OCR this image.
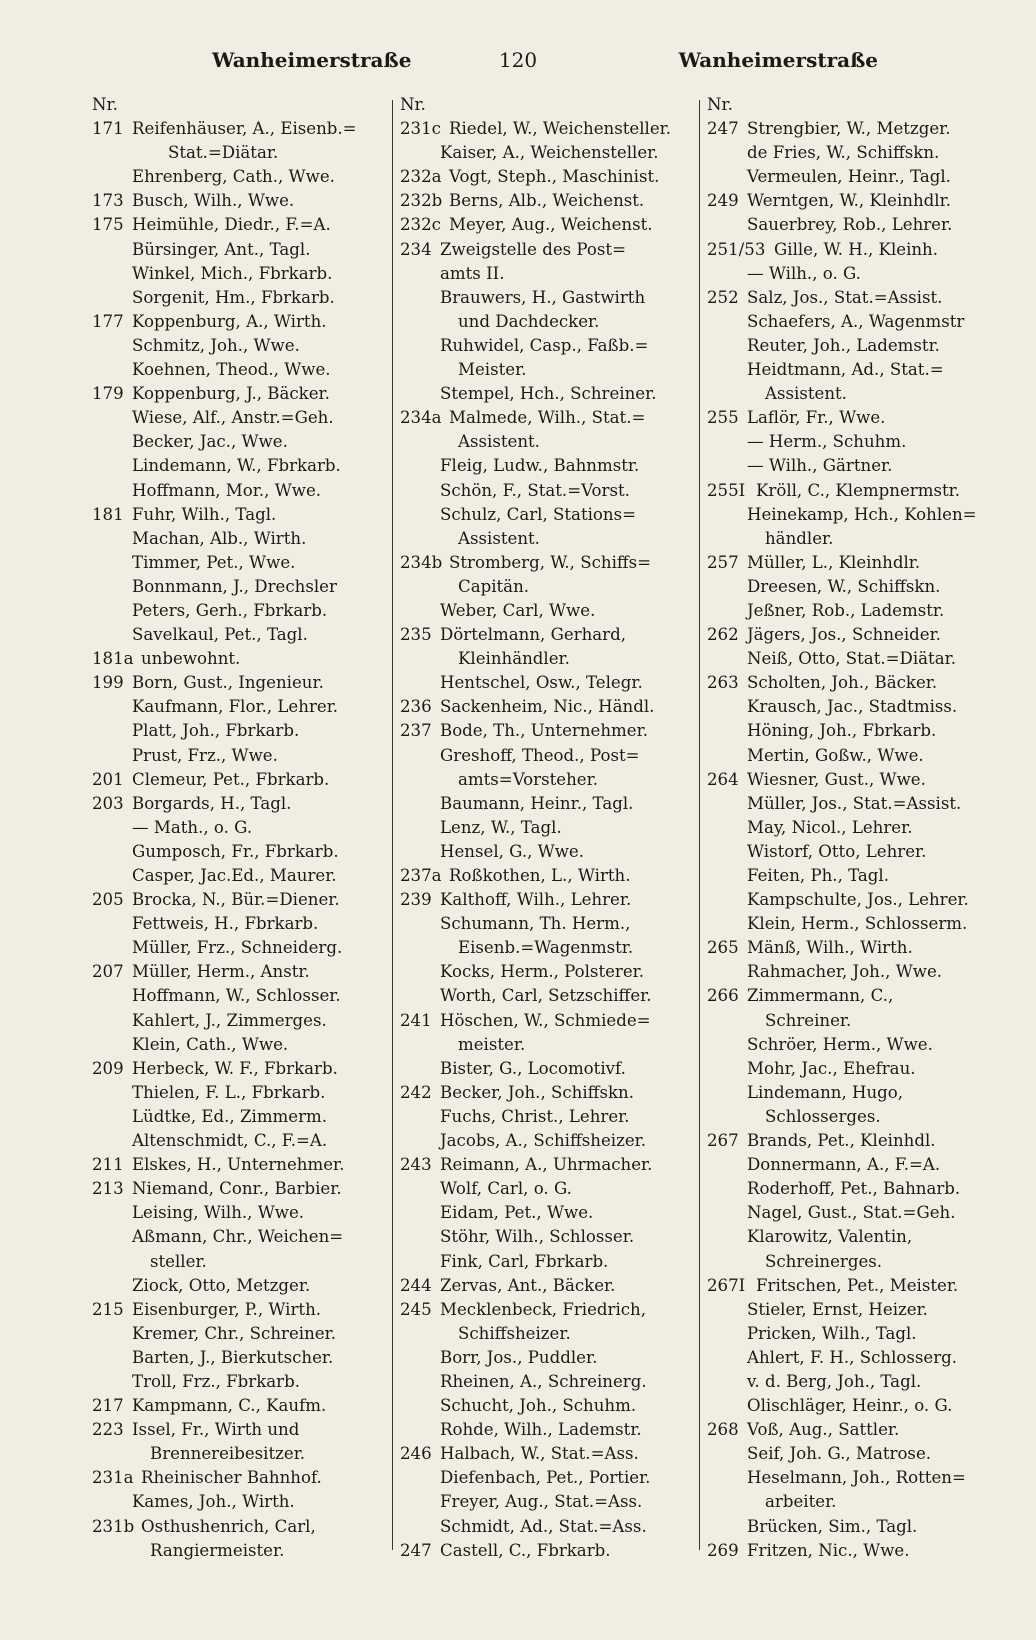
Wanheimerstraße	120	Wanheimerstraße
Nr.
171 Reifenhäuser, A., Eisenb.=
Stat.=Diätar.
Ehrenberg, Cath., Wwe.
173 Busch, Wilh., Wwe.
175 Heimühle, Diedr., F.=A.
Bürsinger, Ant., Tagl.
Winkel, Mich., Fbrkarb.
Sorgenit, Hm., Fbrkarb.
177 Koppenburg, A., Wirth.
Schmitz, Joh., Wwe.
Koehnen, Theod., Wwe.
179 Koppenburg, J., Bäcker.
Wiese, Alf., Anstr.=Geh.
Becker, Jac., Wwe.
Lindemann, W., Fbrkarb.
Hoffmann, Mor., Wwe.
181 Fuhr, Wilh., Tagl.
Machan, Alb., Wirth.
Timmer, Pet., Wwe.
Bonnmann, J., Drechsler
Peters, Gerh., Fbrkarb.
Savelkaul, Pet., Tagl.
181a unbewohnt.
199 Born, Gust., Ingenieur.
Kaufmann, Flor., Lehrer.
Platt, Joh., Fbrkarb.
Prust, Frz., Wwe.
201 Clemeur, Pet., Fbrkarb.
203 Borgards, H., Tagl.
— Math., o. G.
Gumposch, Fr., Fbrkarb.
Casper, Jac.Ed., Maurer.
205 Brocka, N., Bür.=Diener.
Fettweis, H., Fbrkarb.
Müller, Frz., Schneiderg.
207 Müller, Herm., Anstr.
Hoffmann, W., Schlosser.
Kahlert, J., Zimmerges.
Klein, Cath., Wwe.
209 Herbeck, W. F., Fbrkarb.
Thielen, F. L., Fbrkarb.
Lüdtke, Ed., Zimmerm.
Altenschmidt, C., F.=A.
211 Elskes, H., Unternehmer.
213 Niemand, Conr., Barbier.
Leising, Wilh., Wwe.
Aßmann, Chr., Weichen=
steller.
Ziock, Otto, Metzger.
215 Eisenburger, P., Wirth.
Kremer, Chr., Schreiner.
Barten, J., Bierkutscher.
Troll, Frz., Fbrkarb.
217 Kampmann, C., Kaufm.
223 Issel, Fr., Wirth und
Brennereibesitzer.
231a Rheinischer Bahnhof.
Kames, Joh., Wirth.
231b Osthushenrich, Carl,
Rangiermeister.
Nr.
231c Riedel, W., Weichensteller.
Kaiser, A., Weichensteller.
232a Vogt, Steph., Maschinist.
232b Berns, Alb., Weichenst.
232c Meyer, Aug., Weichenst.
234 Zweigstelle des Post=
amts II.
Brauwers, H., Gastwirth
und Dachdecker.
Ruhwidel, Casp., Faßb.=
Meister.
Stempel, Hch., Schreiner.
234a Malmede, Wilh., Stat.=
Assistent.
Fleig, Ludw., Bahnmstr.
Schön, F., Stat.=Vorst.
Schulz, Carl, Stations=
Assistent.
234b Stromberg, W., Schiffs=
Capitän.
Weber, Carl, Wwe.
235 Dörtelmann, Gerhard,
Kleinhändler.
Hentschel, Osw., Telegr.
236 Sackenheim, Nic., Händl.
237 Bode, Th., Unternehmer.
Greshoff, Theod., Post=
amts=Vorsteher.
Baumann, Heinr., Tagl.
Lenz, W., Tagl.
Hensel, G., Wwe.
237a Roßkothen, L., Wirth.
239 Kalthoff, Wilh., Lehrer.
Schumann, Th. Herm.,
Eisenb.=Wagenmstr.
Kocks, Herm., Polsterer.
Worth, Carl, Setzschiffer.
241 Höschen, W., Schmiede=
meister.
Bister, G., Locomotivf.
242 Becker, Joh., Schiffskn.
Fuchs, Christ., Lehrer.
Jacobs, A., Schiffsheizer.
243 Reimann, A., Uhrmacher.
Wolf, Carl, o. G.
Eidam, Pet., Wwe.
Stöhr, Wilh., Schlosser.
Fink, Carl, Fbrkarb.
244 Zervas, Ant., Bäcker.
245 Mecklenbeck, Friedrich,
Schiffsheizer.
Borr, Jos., Puddler.
Rheinen, A., Schreinerg.
Schucht, Joh., Schuhm.
Rohde, Wilh., Lademstr.
246 Halbach, W., Stat.=Ass.
Diefenbach, Pet., Portier.
Freyer, Aug., Stat.=Ass.
Schmidt, Ad., Stat.=Ass.
247 Castell, C., Fbrkarb.
Nr.
247 Strengbier, W., Metzger.
de Fries, W., Schiffskn.
Vermeulen, Heinr., Tagl.
249 Werntgen, W., Kleinhdlr.
Sauerbrey, Rob., Lehrer.
251/53 Gille, W. H., Kleinh.
— Wilh., o. G.
252 Salz, Jos., Stat.=Assist.
Schaefers, A., Wagenmstr
Reuter, Joh., Lademstr.
Heidtmann, Ad., Stat.=
Assistent.
255 Laflör, Fr., Wwe.
— Herm., Schuhm.
— Wilh., Gärtner.
255I Kröll, C., Klempnermstr.
Heinekamp, Hch., Kohlen=
händler.
257 Müller, L., Kleinhdlr.
Dreesen, W., Schiffskn.
Jeßner, Rob., Lademstr.
262 Jägers, Jos., Schneider.
Neiß, Otto, Stat.=Diätar.
263 Scholten, Joh., Bäcker.
Krausch, Jac., Stadtmiss.
Höning, Joh., Fbrkarb.
Mertin, Goßw., Wwe.
264 Wiesner, Gust., Wwe.
Müller, Jos., Stat.=Assist.
May, Nicol., Lehrer.
Wistorf, Otto, Lehrer.
Feiten, Ph., Tagl.
Kampschulte, Jos., Lehrer.
Klein, Herm., Schlosserm.
265 Mänß, Wilh., Wirth.
Rahmacher, Joh., Wwe.
266 Zimmermann, C.,
Schreiner.
Schröer, Herm., Wwe.
Mohr, Jac., Ehefrau.
Lindemann, Hugo,
Schlosserges.
267 Brands, Pet., Kleinhdl.
Donnermann, A., F.=A.
Roderhoff, Pet., Bahnarb.
Nagel, Gust., Stat.=Geh.
Klarowitz, Valentin,
Schreinerges.
267I Fritschen, Pet., Meister.
Stieler, Ernst, Heizer.
Pricken, Wilh., Tagl.
Ahlert, F. H., Schlosserg.
v. d. Berg, Joh., Tagl.
Olischläger, Heinr., o. G.
268 Voß, Aug., Sattler.
Seif, Joh. G., Matrose.
Heselmann, Joh., Rotten=
arbeiter.
Brücken, Sim., Tagl.
269 Fritzen, Nic., Wwe.
